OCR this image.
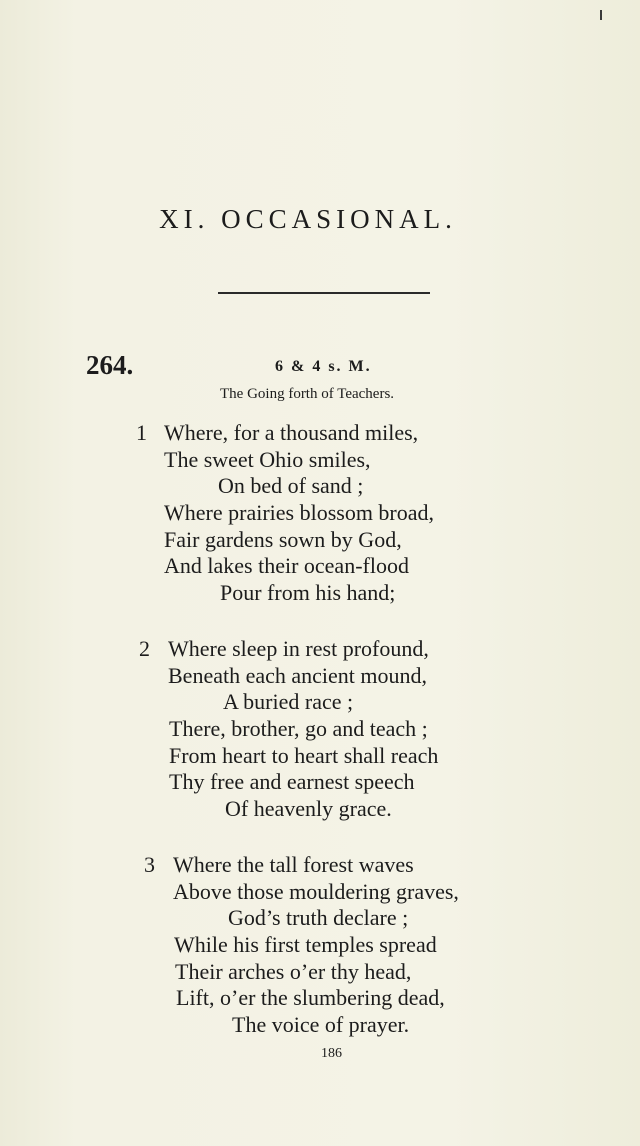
XI. OCCASIONAL.
264.	6 & 4 s. M.
The Going forth of Teachers.
1 Where, for a thousand miles,
The sweet Ohio smiles,
On bed of sand ;
Where prairies blossom broad,
Fair gardens sown by God,
And lakes their ocean-flood
Pour from his hand;
2 Where sleep in rest profound,
Beneath each ancient mound,
A buried race ;
There, brother, go and teach ;
From heart to heart shall reach
Thy free and earnest speech
Of heavenly grace.
3 Where the tall forest waves
Above those mouldering graves,
God’s truth declare ;
While his first temples spread
Their arches o’er thy head,
Lift, o’er the slumbering dead,
The voice of prayer.
186
